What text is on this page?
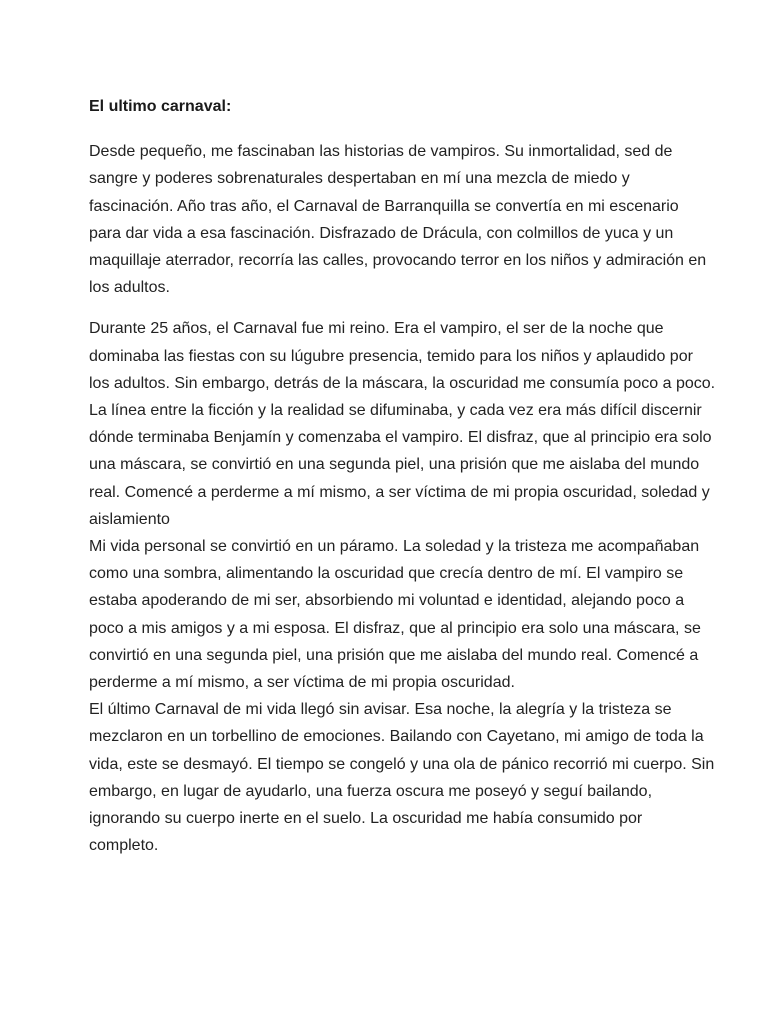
El ultimo carnaval:

Desde pequeño, me fascinaban las historias de vampiros. Su inmortalidad, sed de
sangre y poderes sobrenaturales despertaban en mí una mezcla de miedo y
fascinación. Año tras año, el Carnaval de Barranquilla se convertía en mi escenario
para dar vida a esa fascinación. Disfrazado de Drácula, con colmillos de yuca y un
maquillaje aterrador, recorría las calles, provocando terror en los niños y admiración en
los adultos.

Durante 25 años, el Carnaval fue mi reino. Era el vampiro, el ser de la noche que
dominaba las fiestas con su lúgubre presencia, temido para los niños y aplaudido por
los adultos. Sin embargo, detrás de la máscara, la oscuridad me consumía poco a poco.
La línea entre la ficción y la realidad se difuminaba, y cada vez era más difícil discernir
dónde terminaba Benjamín y comenzaba el vampiro. El disfraz, que al principio era solo
una máscara, se convirtió en una segunda piel, una prisión que me aislaba del mundo
real. Comencé a perderme a mí mismo, a ser víctima de mi propia oscuridad, soledad y
aislamiento
Mi vida personal se convirtió en un páramo. La soledad y la tristeza me acompañaban
como una sombra, alimentando la oscuridad que crecía dentro de mí. El vampiro se
estaba apoderando de mi ser, absorbiendo mi voluntad e identidad, alejando poco a
poco a mis amigos y a mi esposa. El disfraz, que al principio era solo una máscara, se
convirtió en una segunda piel, una prisión que me aislaba del mundo real. Comencé a
perderme a mí mismo, a ser víctima de mi propia oscuridad.
El último Carnaval de mi vida llegó sin avisar. Esa noche, la alegría y la tristeza se
mezclaron en un torbellino de emociones. Bailando con Cayetano, mi amigo de toda la
vida, este se desmayó. El tiempo se congeló y una ola de pánico recorrió mi cuerpo. Sin
embargo, en lugar de ayudarlo, una fuerza oscura me poseyó y seguí bailando,
ignorando su cuerpo inerte en el suelo. La oscuridad me había consumido por
completo.
